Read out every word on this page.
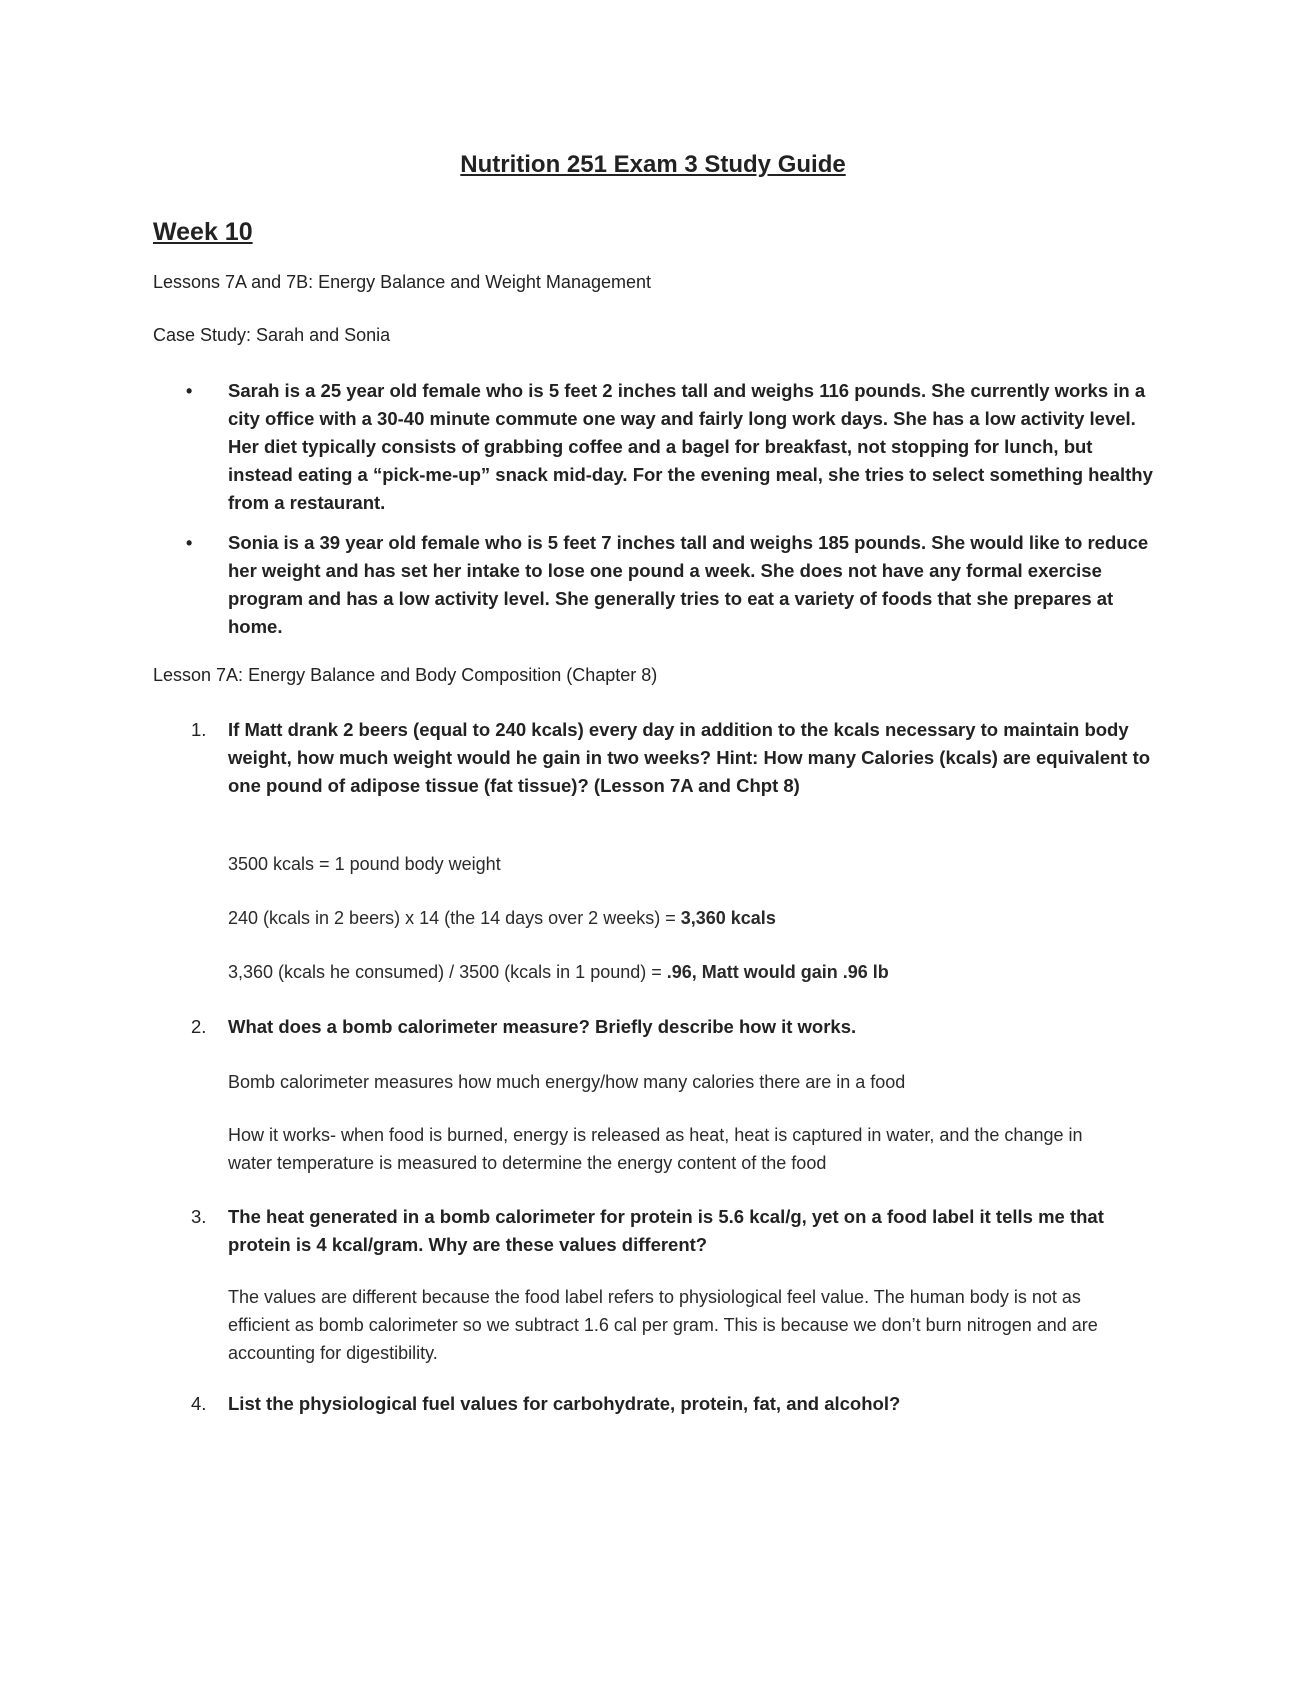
Nutrition 251 Exam 3 Study Guide
Week 10

Lessons 7A and 7B: Energy Balance and Weight Management

Case Study: Sarah and Sonia

• Sarah is a 25 year old female who is 5 feet 2 inches tall and weighs 116 pounds. She currently works in a city office with a 30-40 minute commute one way and fairly long work days. She has a low activity level. Her diet typically consists of grabbing coffee and a bagel for breakfast, not stopping for lunch, but instead eating a “pick-me-up” snack mid-day. For the evening meal, she tries to select something healthy from a restaurant.
• Sonia is a 39 year old female who is 5 feet 7 inches tall and weighs 185 pounds. She would like to reduce her weight and has set her intake to lose one pound a week. She does not have any formal exercise program and has a low activity level. She generally tries to eat a variety of foods that she prepares at home.

Lesson 7A: Energy Balance and Body Composition (Chapter 8)

1.	If Matt drank 2 beers (equal to 240 kcals) every day in addition to the kcals necessary to maintain body weight, how much weight would he gain in two weeks? Hint: How many Calories (kcals) are equivalent to one pound of adipose tissue (fat tissue)? (Lesson 7A and Chpt 8)

3500 kcals = 1 pound body weight

240 (kcals in 2 beers) x 14 (the 14 days over 2 weeks) = 3,360 kcals

3,360 (kcals he consumed) / 3500 (kcals in 1 pound) = .96, Matt would gain .96 lb

2.	What does a bomb calorimeter measure? Briefly describe how it works.

Bomb calorimeter measures how much energy/how many calories there are in a food

How it works- when food is burned, energy is released as heat, heat is captured in water, and the change in water temperature is measured to determine the energy content of the food

3.	The heat generated in a bomb calorimeter for protein is 5.6 kcal/g, yet on a food label it tells me that protein is 4 kcal/gram. Why are these values different?

The values are different because the food label refers to physiological feel value. The human body is not as efficient as bomb calorimeter so we subtract 1.6 cal per gram. This is because we don’t burn nitrogen and are accounting for digestibility.

4.	List the physiological fuel values for carbohydrate, protein, fat, and alcohol?
